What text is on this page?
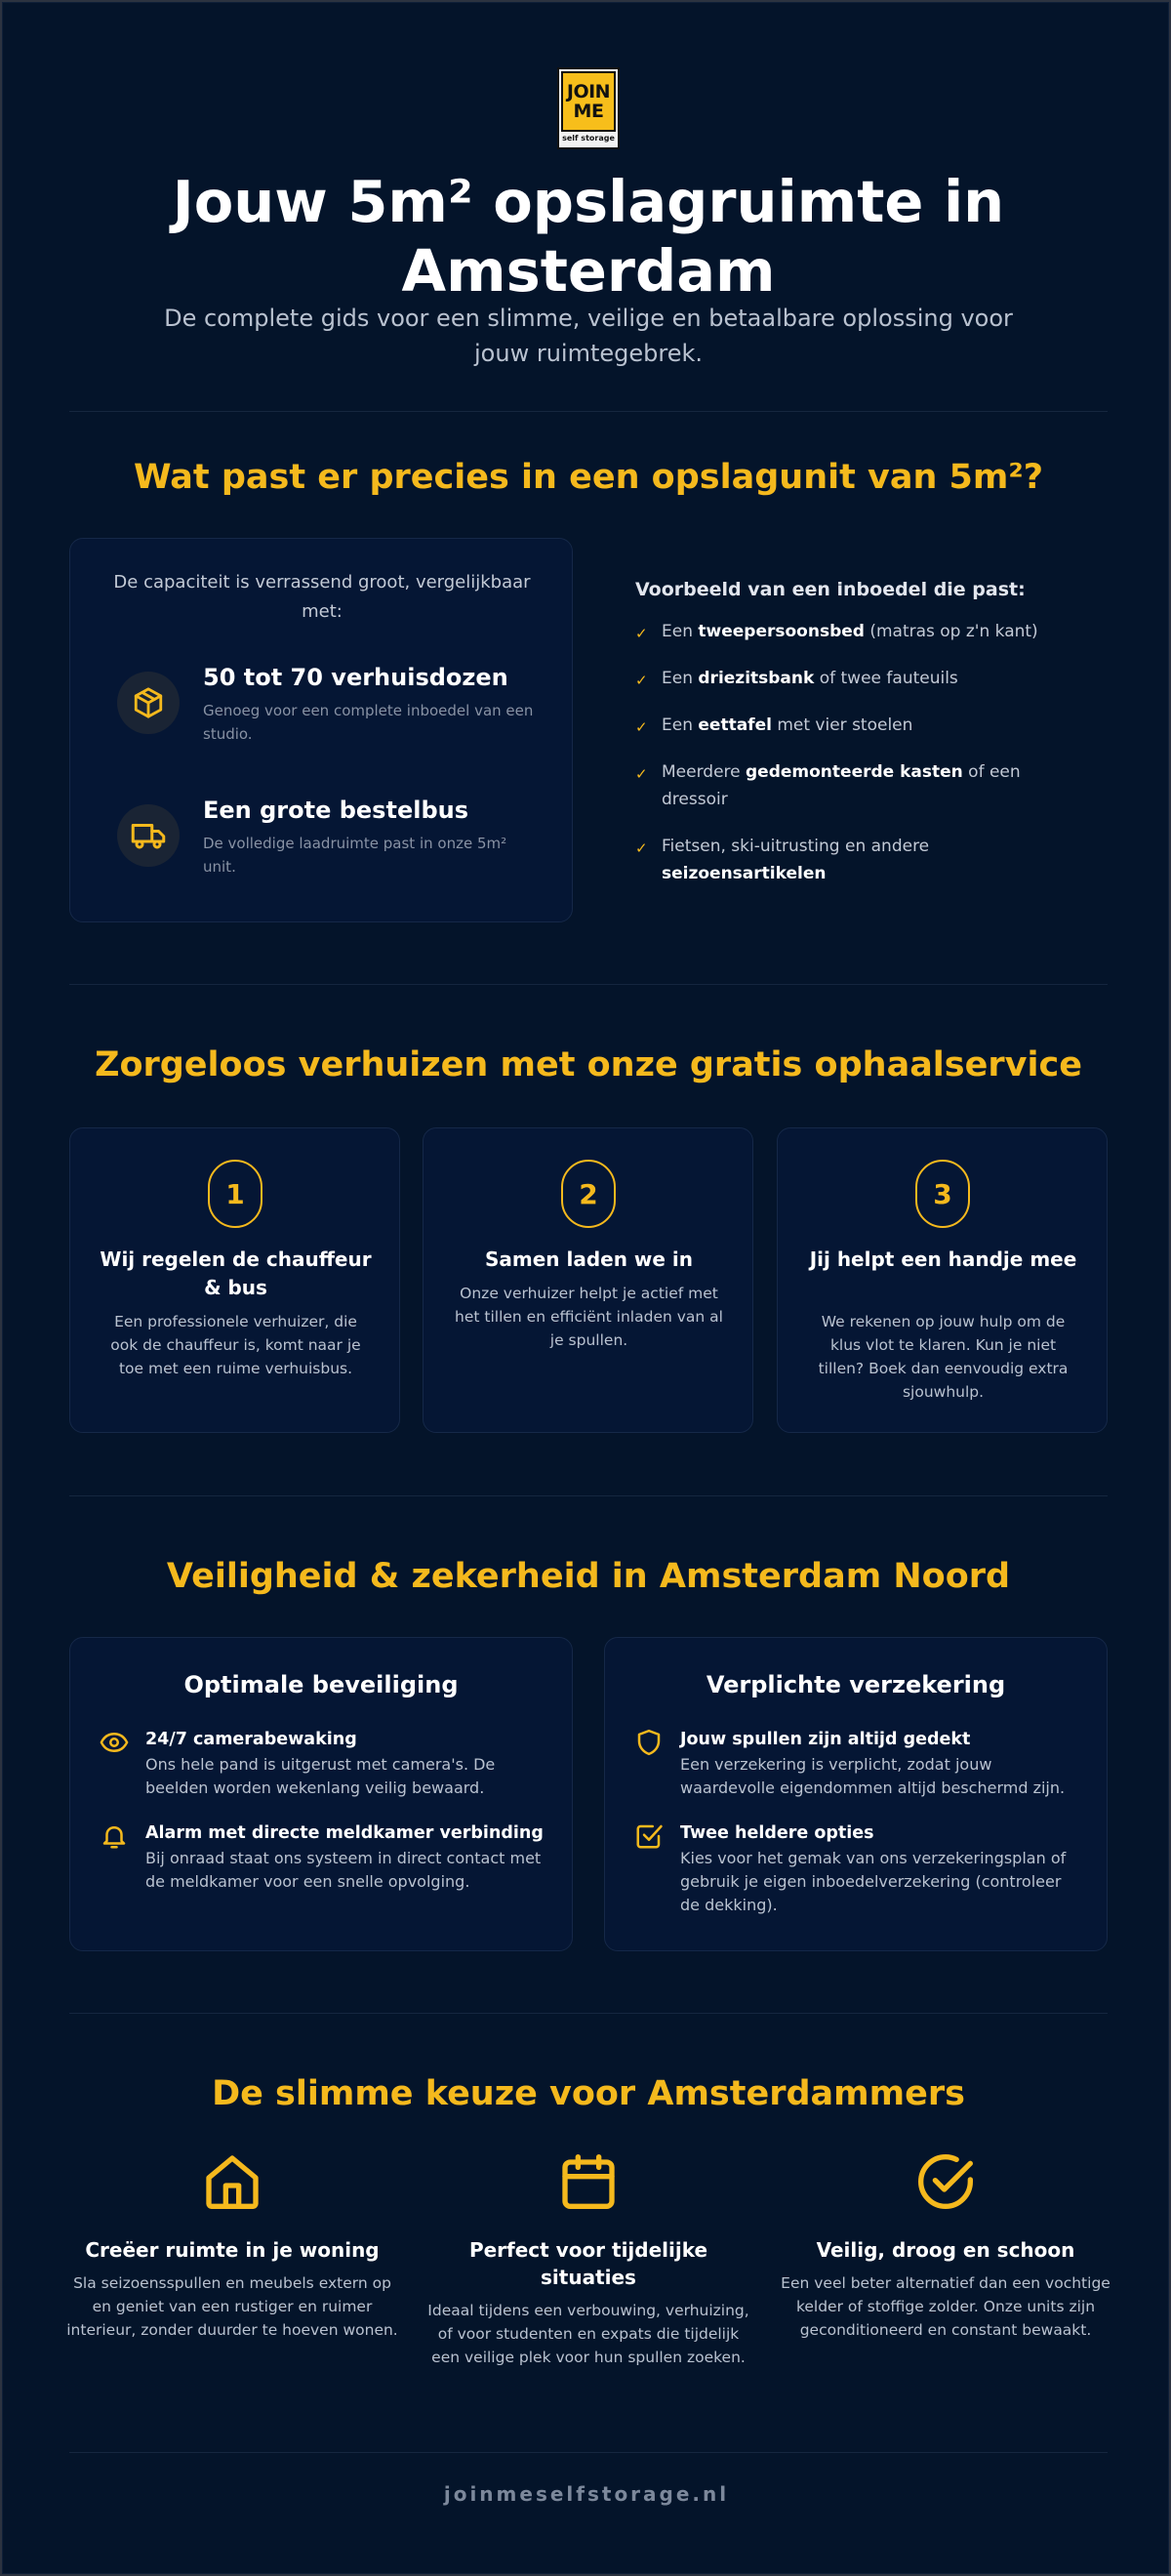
JOIN
ME
self storage
Jouw 5m² opslagruimte in Amsterdam

De complete gids voor een slimme, veilige en betaalbare oplossing voor jouw ruimtegebrek.

Wat past er precies in een opslagunit van 5m²?

De capaciteit is verrassend groot, vergelijkbaar met:

50 tot 70 verhuisdozen
Genoeg voor een complete inboedel van een studio.
Een grote bestelbus
De volledige laadruimte past in onze 5m² unit.
Voorbeeld van een inboedel die past:
✓ Een tweepersoonsbed (matras op z'n kant)
✓ Een driezitsbank of twee fauteuils
✓ Een eettafel met vier stoelen
✓ Meerdere gedemonteerde kasten of een dressoir
✓ Fietsen, ski-uitrusting en andere seizoensartikelen
Zorgeloos verhuizen met onze gratis ophaalservice
1
Wij regelen de chauffeur & bus
Een professionele verhuizer, die ook de chauffeur is, komt naar je toe met een ruime verhuisbus.
2
Samen laden we in
Onze verhuizer helpt je actief met het tillen en efficiënt inladen van al je spullen.
3
Jij helpt een handje mee
We rekenen op jouw hulp om de klus vlot te klaren. Kun je niet tillen? Boek dan eenvoudig extra sjouwhulp.
Veiligheid & zekerheid in Amsterdam Noord
Optimale beveiliging
24/7 camerabewaking
Ons hele pand is uitgerust met camera's. De beelden worden wekenlang veilig bewaard.
Alarm met directe meldkamer verbinding
Bij onraad staat ons systeem in direct contact met de meldkamer voor een snelle opvolging.
Verplichte verzekering
Jouw spullen zijn altijd gedekt
Een verzekering is verplicht, zodat jouw waardevolle eigendommen altijd beschermd zijn.
Twee heldere opties
Kies voor het gemak van ons verzekeringsplan of gebruik je eigen inboedelverzekering (controleer de dekking).
De slimme keuze voor Amsterdammers
Creëer ruimte in je woning
Sla seizoensspullen en meubels extern op en geniet van een rustiger en ruimer interieur, zonder duurder te hoeven wonen.
Perfect voor tijdelijke situaties
Ideaal tijdens een verbouwing, verhuizing, of voor studenten en expats die tijdelijk een veilige plek voor hun spullen zoeken.
Veilig, droog en schoon
Een veel beter alternatief dan een vochtige kelder of stoffige zolder. Onze units zijn geconditioneerd en constant bewaakt.
joinmeselfstorage.nl
